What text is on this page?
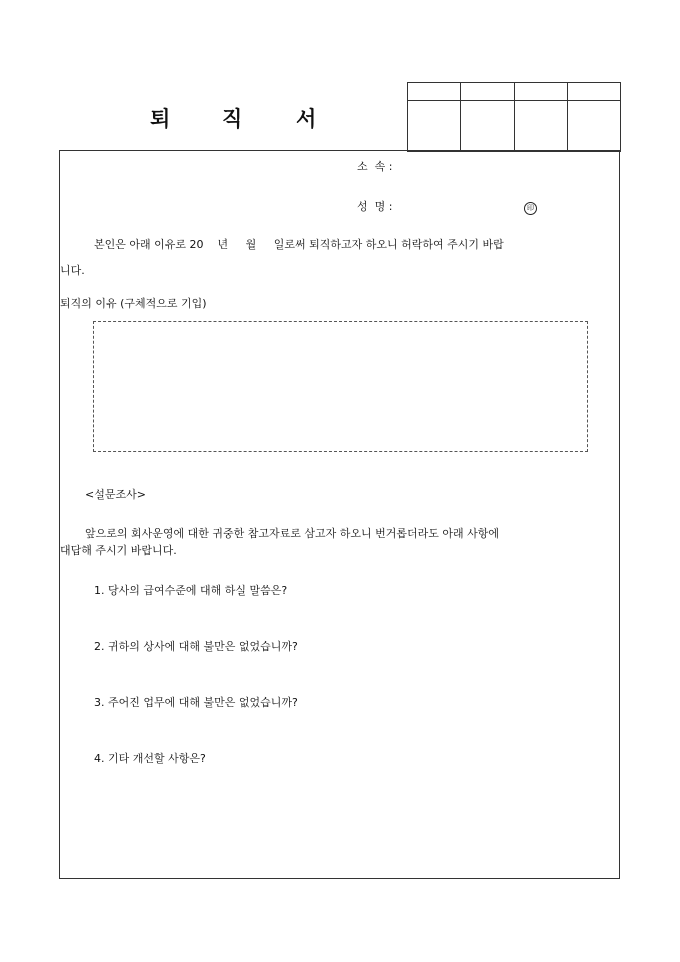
퇴 직	서

소  속 :
성  명 :	印
본인은 아래 이유로 20    년     월     일로써 퇴직하고자 하오니 허락하여 주시기 바랍
니다.
퇴직의 이유 (구체적으로 기입)
<설문조사>
앞으로의 회사운영에 대한 귀중한 참고자료로 삼고자 하오니 번거롭더라도 아래 사항에
대답해 주시기 바랍니다.
1. 당사의 급여수준에 대해 하실 말씀은?
2. 귀하의 상사에 대해 불만은 없었습니까?
3. 주어진 업무에 대해 불만은 없었습니까?
4. 기타 개선할 사항은?
